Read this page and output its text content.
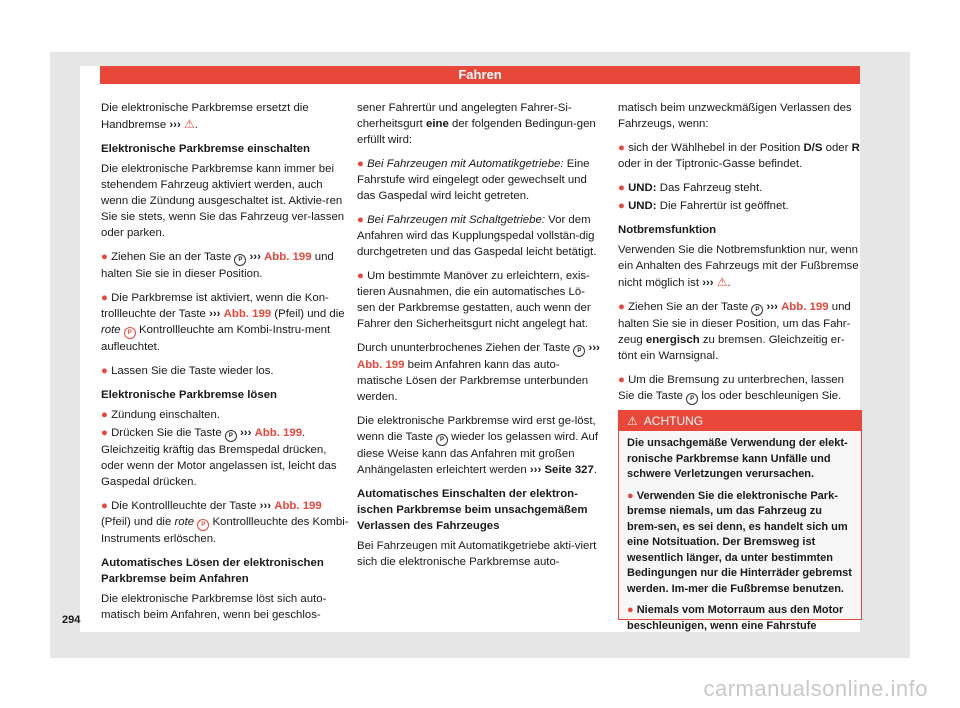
Fahren

Die elektronische Parkbremse ersetzt die Handbremse ››› ⚠.

Elektronische Parkbremse einschalten

Die elektronische Parkbremse kann immer bei stehendem Fahrzeug aktiviert werden, auch wenn die Zündung ausgeschaltet ist. Aktivie-ren Sie sie stets, wenn Sie das Fahrzeug ver-lassen oder parken.

● Ziehen Sie an der Taste P ››› Abb. 199 und halten Sie sie in dieser Position.

● Die Parkbremse ist aktiviert, wenn die Kon-trollleuchte der Taste ››› Abb. 199 (Pfeil) und die rote P Kontrollleuchte am Kombi-Instru-ment aufleuchtet.

● Lassen Sie die Taste wieder los.

Elektronische Parkbremse lösen

● Zündung einschalten.

● Drücken Sie die Taste P ››› Abb. 199. Gleichzeitig kräftig das Bremspedal drücken, oder wenn der Motor angelassen ist, leicht das Gaspedal drücken.

● Die Kontrollleuchte der Taste ››› Abb. 199 (Pfeil) und die rote P Kontrollleuchte des Kombi-Instruments erlöschen.

Automatisches Lösen der elektronischen Parkbremse beim Anfahren

Die elektronische Parkbremse löst sich auto-matisch beim Anfahren, wenn bei geschlos-

sener Fahrertür und angelegten Fahrer-Si-cherheitsgurt eine der folgenden Bedingun-gen erfüllt wird:

● Bei Fahrzeugen mit Automatikgetriebe: Eine Fahrstufe wird eingelegt oder gewechselt und das Gaspedal wird leicht getreten.

● Bei Fahrzeugen mit Schaltgetriebe: Vor dem Anfahren wird das Kupplungspedal vollstän-dig durchgetreten und das Gaspedal leicht betätigt.

● Um bestimmte Manöver zu erleichtern, exis-tieren Ausnahmen, die ein automatisches Lö-sen der Parkbremse gestatten, auch wenn der Fahrer den Sicherheitsgurt nicht angelegt hat.

Durch ununterbrochenes Ziehen der Taste P ››› Abb. 199 beim Anfahren kann das auto-matische Lösen der Parkbremse unterbunden werden.

Die elektronische Parkbremse wird erst ge-löst, wenn die Taste P wieder los gelassen wird. Auf diese Weise kann das Anfahren mit großen Anhängelasten erleichtert werden ››› Seite 327.

Automatisches Einschalten der elektron-ischen Parkbremse beim unsachgemäßem Verlassen des Fahrzeuges

Bei Fahrzeugen mit Automatikgetriebe akti-viert sich die elektronische Parkbremse auto-

matisch beim unzweckmäßigen Verlassen des Fahrzeugs, wenn:

● sich der Wählhebel in der Position D/S oder R oder in der Tiptronic-Gasse befindet.

● UND: Das Fahrzeug steht.

● UND: Die Fahrertür ist geöffnet.

Notbremsfunktion

Verwenden Sie die Notbremsfunktion nur, wenn ein Anhalten des Fahrzeugs mit der Fußbremse nicht möglich ist ››› ⚠.

● Ziehen Sie an der Taste P ››› Abb. 199 und halten Sie sie in dieser Position, um das Fahr-zeug energisch zu bremsen. Gleichzeitig er-tönt ein Warnsignal.

● Um die Bremsung zu unterbrechen, lassen Sie die Taste P los oder beschleunigen Sie.

⚠ ACHTUNG

Die unsachgemäße Verwendung der elekt-ronische Parkbremse kann Unfälle und schwere Verletzungen verursachen.

● Verwenden Sie die elektronische Park-bremse niemals, um das Fahrzeug zu brem-sen, es sei denn, es handelt sich um eine Notsituation. Der Bremsweg ist wesentlich länger, da unter bestimmten Bedingungen nur die Hinterräder gebremst werden. Im-mer die Fußbremse benutzen.

● Niemals vom Motorraum aus den Motor beschleunigen, wenn eine Fahrstufe

294
carmanualsonline.info
